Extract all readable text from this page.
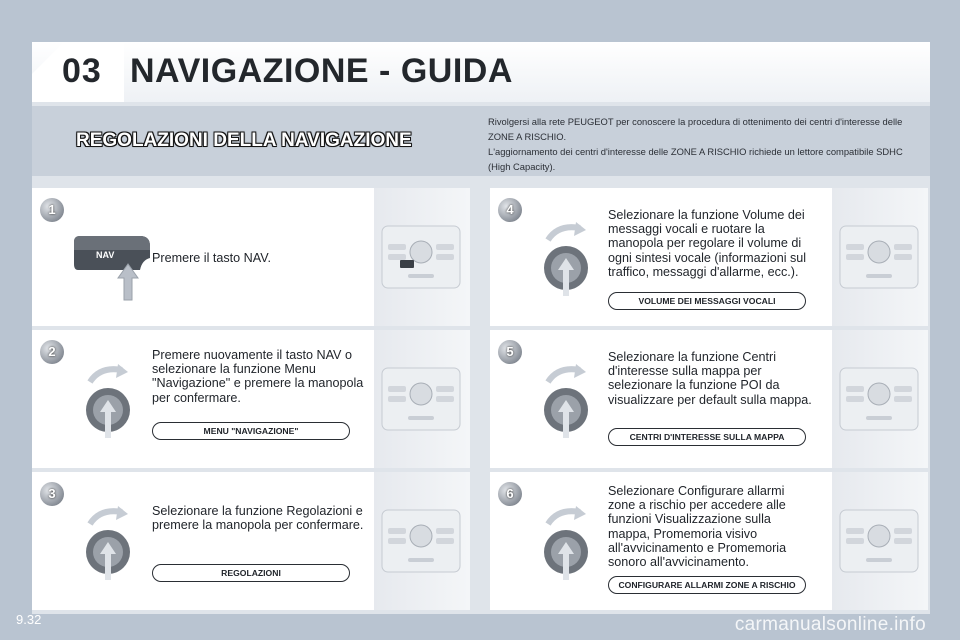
03 NAVIGAZIONE - GUIDA
REGOLAZIONI DELLA NAVIGAZIONE

Rivolgersi alla rete PEUGEOT per conoscere la procedura di ottenimento dei centri d'interesse delle ZONE A RISCHIO.

L'aggiornamento dei centri d'interesse delle ZONE A RISCHIO richiede un lettore compatibile SDHC (High Capacity).

1
NAV	Premere il tasto NAV.
2	Premere nuovamente il tasto NAV o selezionare la funzione Menu "Navigazione" e premere la manopola per confermare.
MENU "NAVIGAZIONE"
3
Selezionare la funzione Regolazioni e premere la manopola per confermare.
REGOLAZIONI
4	Selezionare la funzione Volume dei messaggi vocali e ruotare la manopola per regolare il volume di ogni sintesi vocale (informazioni sul traffico, messaggi d'allarme, ecc.).
VOLUME DEI MESSAGGI VOCALI
5	Selezionare la funzione Centri d'interesse sulla mappa per selezionare la funzione POI da visualizzare per default sulla mappa.
CENTRI D'INTERESSE SULLA MAPPA
6	Selezionare Configurare allarmi zone a rischio per accedere alle funzioni Visualizzazione sulla mappa, Promemoria visivo all'avvicinamento e Promemoria sonoro all'avvicinamento.
CONFIGURARE ALLARMI ZONE A RISCHIO
9.32	carmanualsonline.info
